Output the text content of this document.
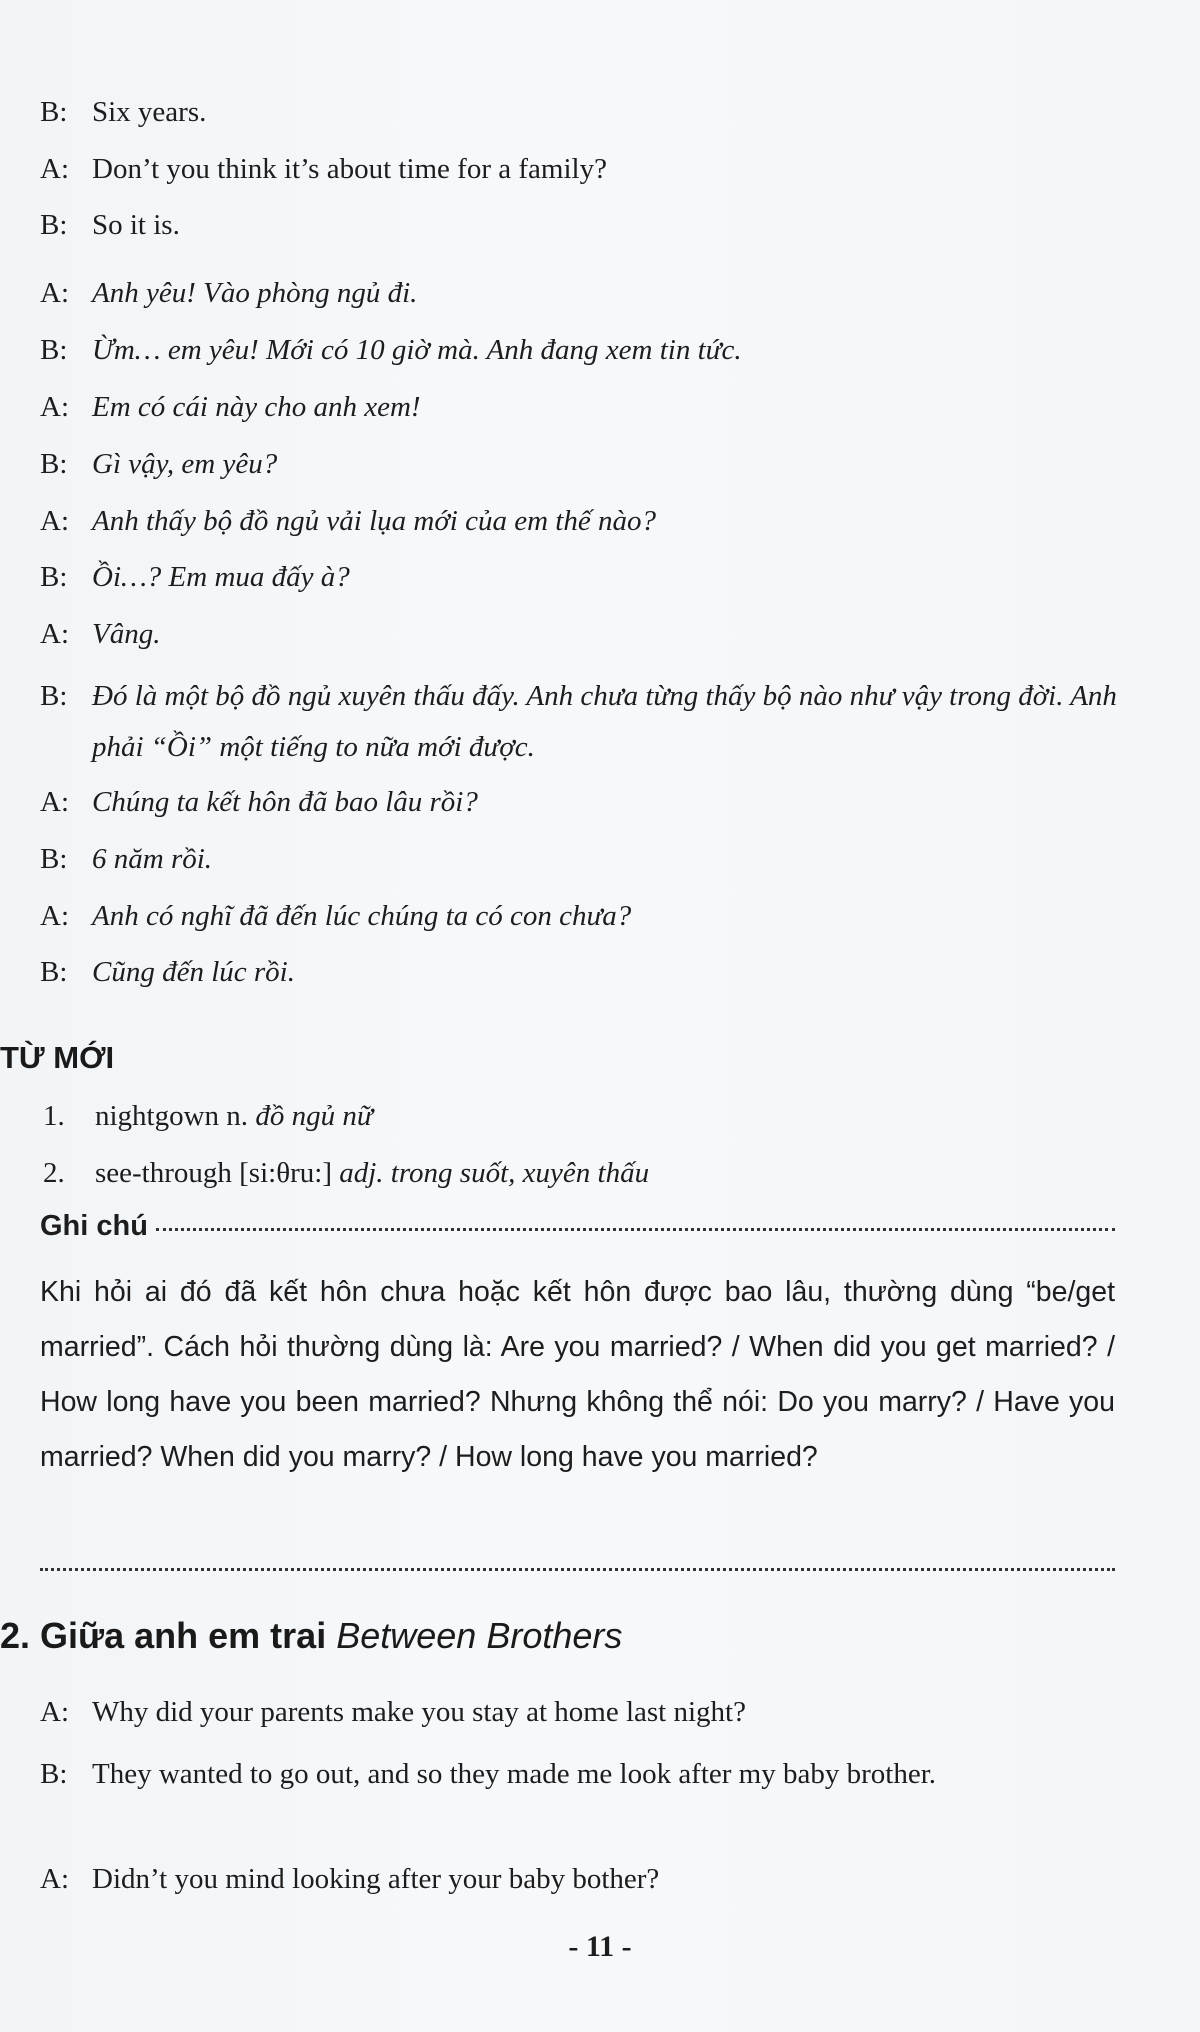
B: Six years.
A: Don’t you think it’s about time for a family?
B: So it is.
A: Anh yêu! Vào phòng ngủ đi.
B: Ừm… em yêu! Mới có 10 giờ mà. Anh đang xem tin tức.
A: Em có cái này cho anh xem!
B: Gì vậy, em yêu?
A: Anh thấy bộ đồ ngủ vải lụa mới của em thế nào?
B: Ồi…? Em mua đấy à?
A: Vâng.
B: Đó là một bộ đồ ngủ xuyên thấu đấy. Anh chưa từng thấy bộ nào như vậy trong đời. Anh phải “Ồi” một tiếng to nữa mới được.
A: Chúng ta kết hôn đã bao lâu rồi?
B: 6 năm rồi.
A: Anh có nghĩ đã đến lúc chúng ta có con chưa?
B: Cũng đến lúc rồi.
TỪ MỚI
1. nightgown n. đồ ngủ nữ
2. see-through [si:θru:] adj. trong suốt, xuyên thấu
Ghi chú
Khi hỏi ai đó đã kết hôn chưa hoặc kết hôn được bao lâu, thường dùng “be/get married”. Cách hỏi thường dùng là: Are you married? / When did you get married? / How long have you been married? Nhưng không thể nói: Do you marry? / Have you married? When did you marry? / How long have you married?
2. Giữa anh em trai Between Brothers
A: Why did your parents make you stay at home last night?
B: They wanted to go out, and so they made me look after my baby brother.
A: Didn’t you mind looking after your baby bother?
- 11 -
